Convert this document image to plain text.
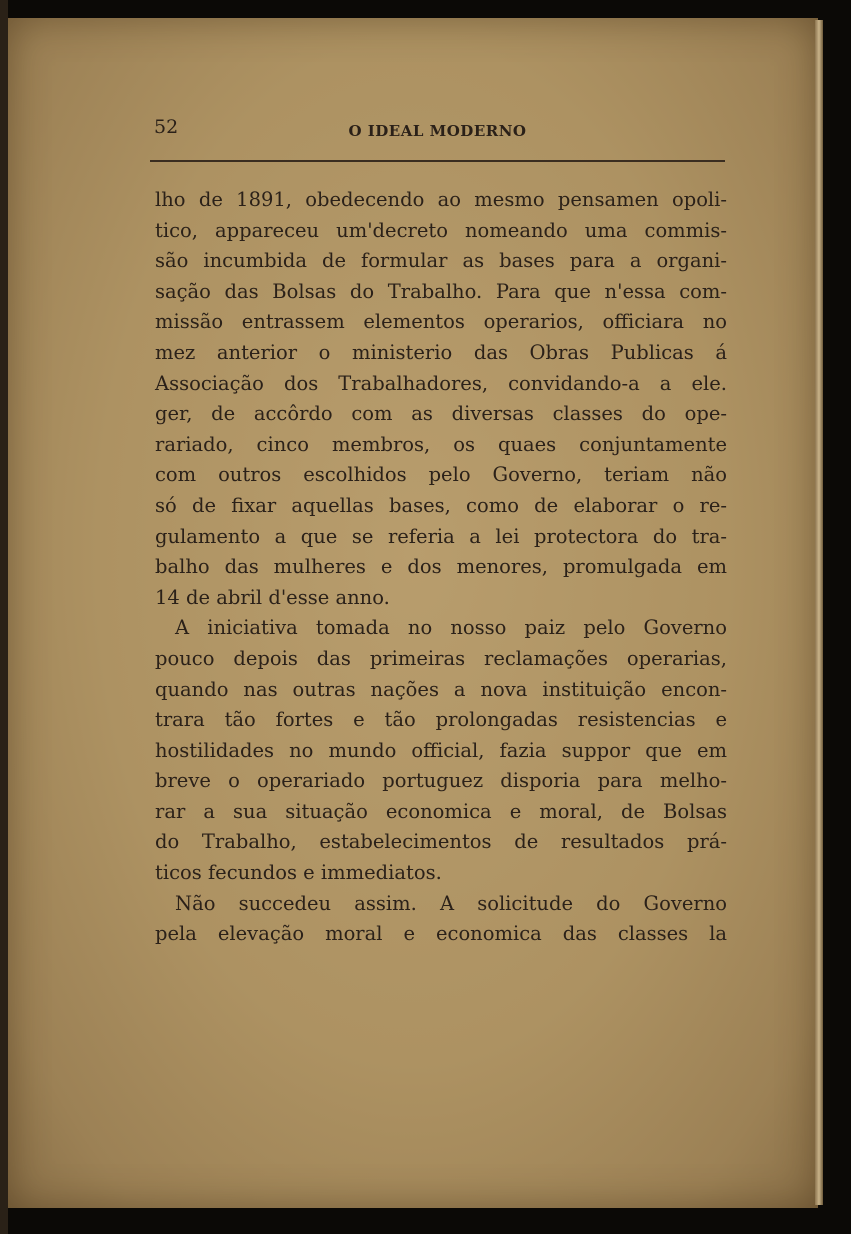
52	O IDEAL MODERNO
lho de 1891, obedecendo ao mesmo pensamen opoli-
tico, appareceu um'decreto nomeando uma commis-
são incumbida de formular as bases para a organi-
sação das Bolsas do Trabalho. Para que n'essa com-
missão entrassem elementos operarios, officiara no
mez anterior o ministerio das Obras Publicas á
Associação dos Trabalhadores, convidando-a a ele.
ger, de accôrdo com as diversas classes do ope-
rariado, cinco membros, os quaes conjuntamente
com outros escolhidos pelo Governo, teriam não
só de fixar aquellas bases, como de elaborar o re-
gulamento a que se referia a lei protectora do tra-
balho das mulheres e dos menores, promulgada em
14 de abril d'esse anno.
A iniciativa tomada no nosso paiz pelo Governo
pouco depois das primeiras reclamações operarias,
quando nas outras nações a nova instituição encon-
trara tão fortes e tão prolongadas resistencias e
hostilidades no mundo official, fazia suppor que em
breve o operariado portuguez disporia para melho-
rar a sua situação economica e moral, de Bolsas
do Trabalho, estabelecimentos de resultados prá-
ticos fecundos e immediatos.
Não succedeu assim. A solicitude do Governo
pela elevação moral e economica das classes la
